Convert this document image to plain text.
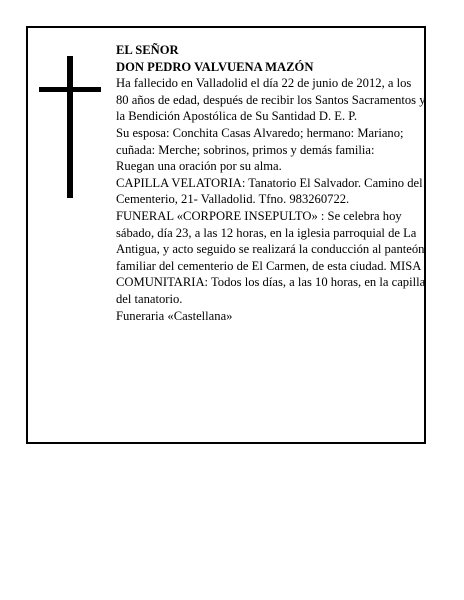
EL SEÑOR

DON PEDRO VALVUENA MAZÓN

Ha fallecido en Valladolid el día 22 de junio de 2012, a los 80 años de edad, después de recibir los Santos Sacramentos y la Bendición Apostólica de Su Santidad D. E. P.

Su esposa: Conchita Casas Alvaredo; hermano: Mariano; cuñada: Merche; sobrinos, primos y demás familia:

Ruegan una oración por su alma.

CAPILLA VELATORIA: Tanatorio El Salvador. Camino del Cementerio, 21- Valladolid. Tfno. 983260722.

FUNERAL «CORPORE INSEPULTO» : Se celebra hoy sábado, día 23, a las 12 horas, en la iglesia parroquial de La Antigua, y acto seguido se realizará la conducción al panteón familiar del cementerio de El Carmen, de esta ciudad. MISA COMUNITARIA: Todos los días, a las 10 horas, en la capilla del tanatorio.

Funeraria «Castellana»
